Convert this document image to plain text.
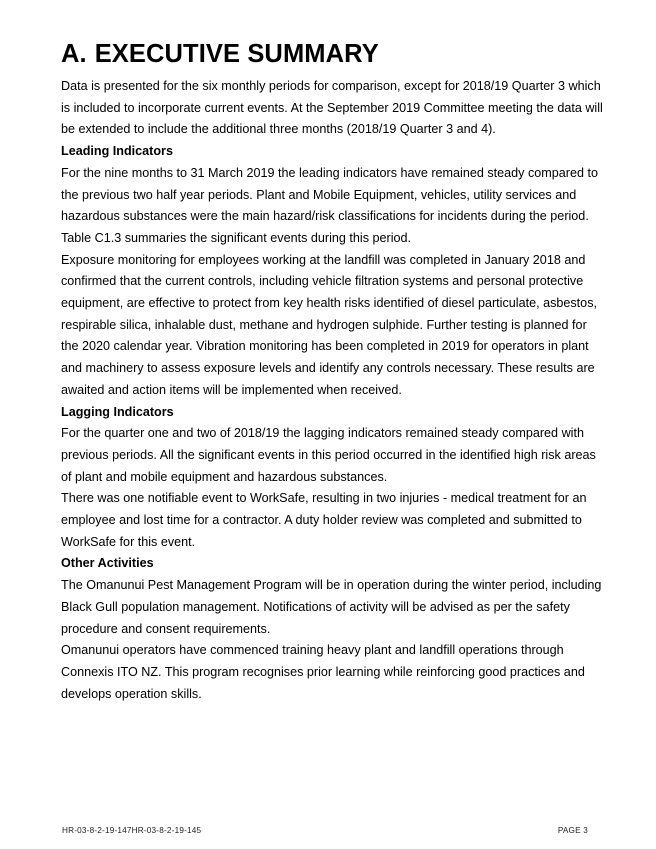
A. EXECUTIVE SUMMARY

Data is presented for the six monthly periods for comparison, except for 2018/19 Quarter 3 which is included to incorporate current events. At the September 2019 Committee meeting the data will be extended to include the additional three months (2018/19 Quarter 3 and 4).

Leading Indicators

For the nine months to 31 March 2019 the leading indicators have remained steady compared to the previous two half year periods. Plant and Mobile Equipment, vehicles, utility services and hazardous substances were the main hazard/risk classifications for incidents during the period. Table C1.3 summaries the significant events during this period.

Exposure monitoring for employees working at the landfill was completed in January 2018 and confirmed that the current controls, including vehicle filtration systems and personal protective equipment, are effective to protect from key health risks identified of diesel particulate, asbestos, respirable silica, inhalable dust, methane and hydrogen sulphide. Further testing is planned for the 2020 calendar year. Vibration monitoring has been completed in 2019 for operators in plant and machinery to assess exposure levels and identify any controls necessary. These results are awaited and action items will be implemented when received.

Lagging Indicators

For the quarter one and two of 2018/19 the lagging indicators remained steady compared with previous periods. All the significant events in this period occurred in the identified high risk areas of plant and mobile equipment and hazardous substances.

There was one notifiable event to WorkSafe, resulting in two injuries - medical treatment for an employee and lost time for a contractor. A duty holder review was completed and submitted to WorkSafe for this event.

Other Activities

The Omanunui Pest Management Program will be in operation during the winter period, including Black Gull population management. Notifications of activity will be advised as per the safety procedure and consent requirements.

Omanunui operators have commenced training heavy plant and landfill operations through Connexis ITO NZ. This program recognises prior learning while reinforcing good practices and develops operation skills.

HR-03-8-2-19-147HR-03-8-2-19-145	PAGE 3
